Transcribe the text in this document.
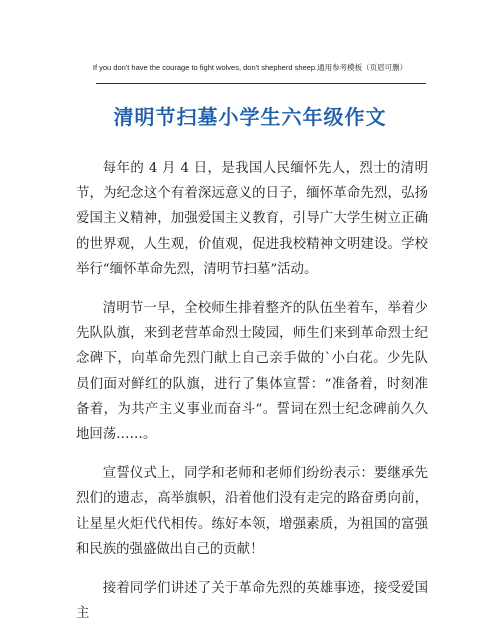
If you don't have the courage to fight wolves, don't shepherd sheep.通用参考模板（页眉可删）
清明节扫墓小学生六年级作文

每年的 4 月 4 日，是我国人民缅怀先人，烈士的清明节，为纪念这个有着深远意义的日子，缅怀革命先烈，弘扬爱国主义精神，加强爱国主义教育，引导广大学生树立正确的世界观，人生观，价值观，促进我校精神文明建设。学校举行“缅怀革命先烈，清明节扫墓”活动。

清明节一早，全校师生排着整齐的队伍坐着车，举着少先队队旗，来到老营革命烈士陵园，师生们来到革命烈士纪念碑下，向革命先烈门献上自己亲手做的`小白花。少先队员们面对鲜红的队旗，进行了集体宣誓：“准备着，时刻准备着，为共产主义事业而奋斗”。誓词在烈士纪念碑前久久地回荡……。

宣誓仪式上，同学和老师和老师们纷纷表示：要继承先烈们的遗志，高举旗帜，沿着他们没有走完的路奋勇向前，让星星火炬代代相传。练好本领，增强素质，为祖国的富强和民族的强盛做出自己的贡献！

接着同学们讲述了关于革命先烈的英雄事迹，接受爱国主
